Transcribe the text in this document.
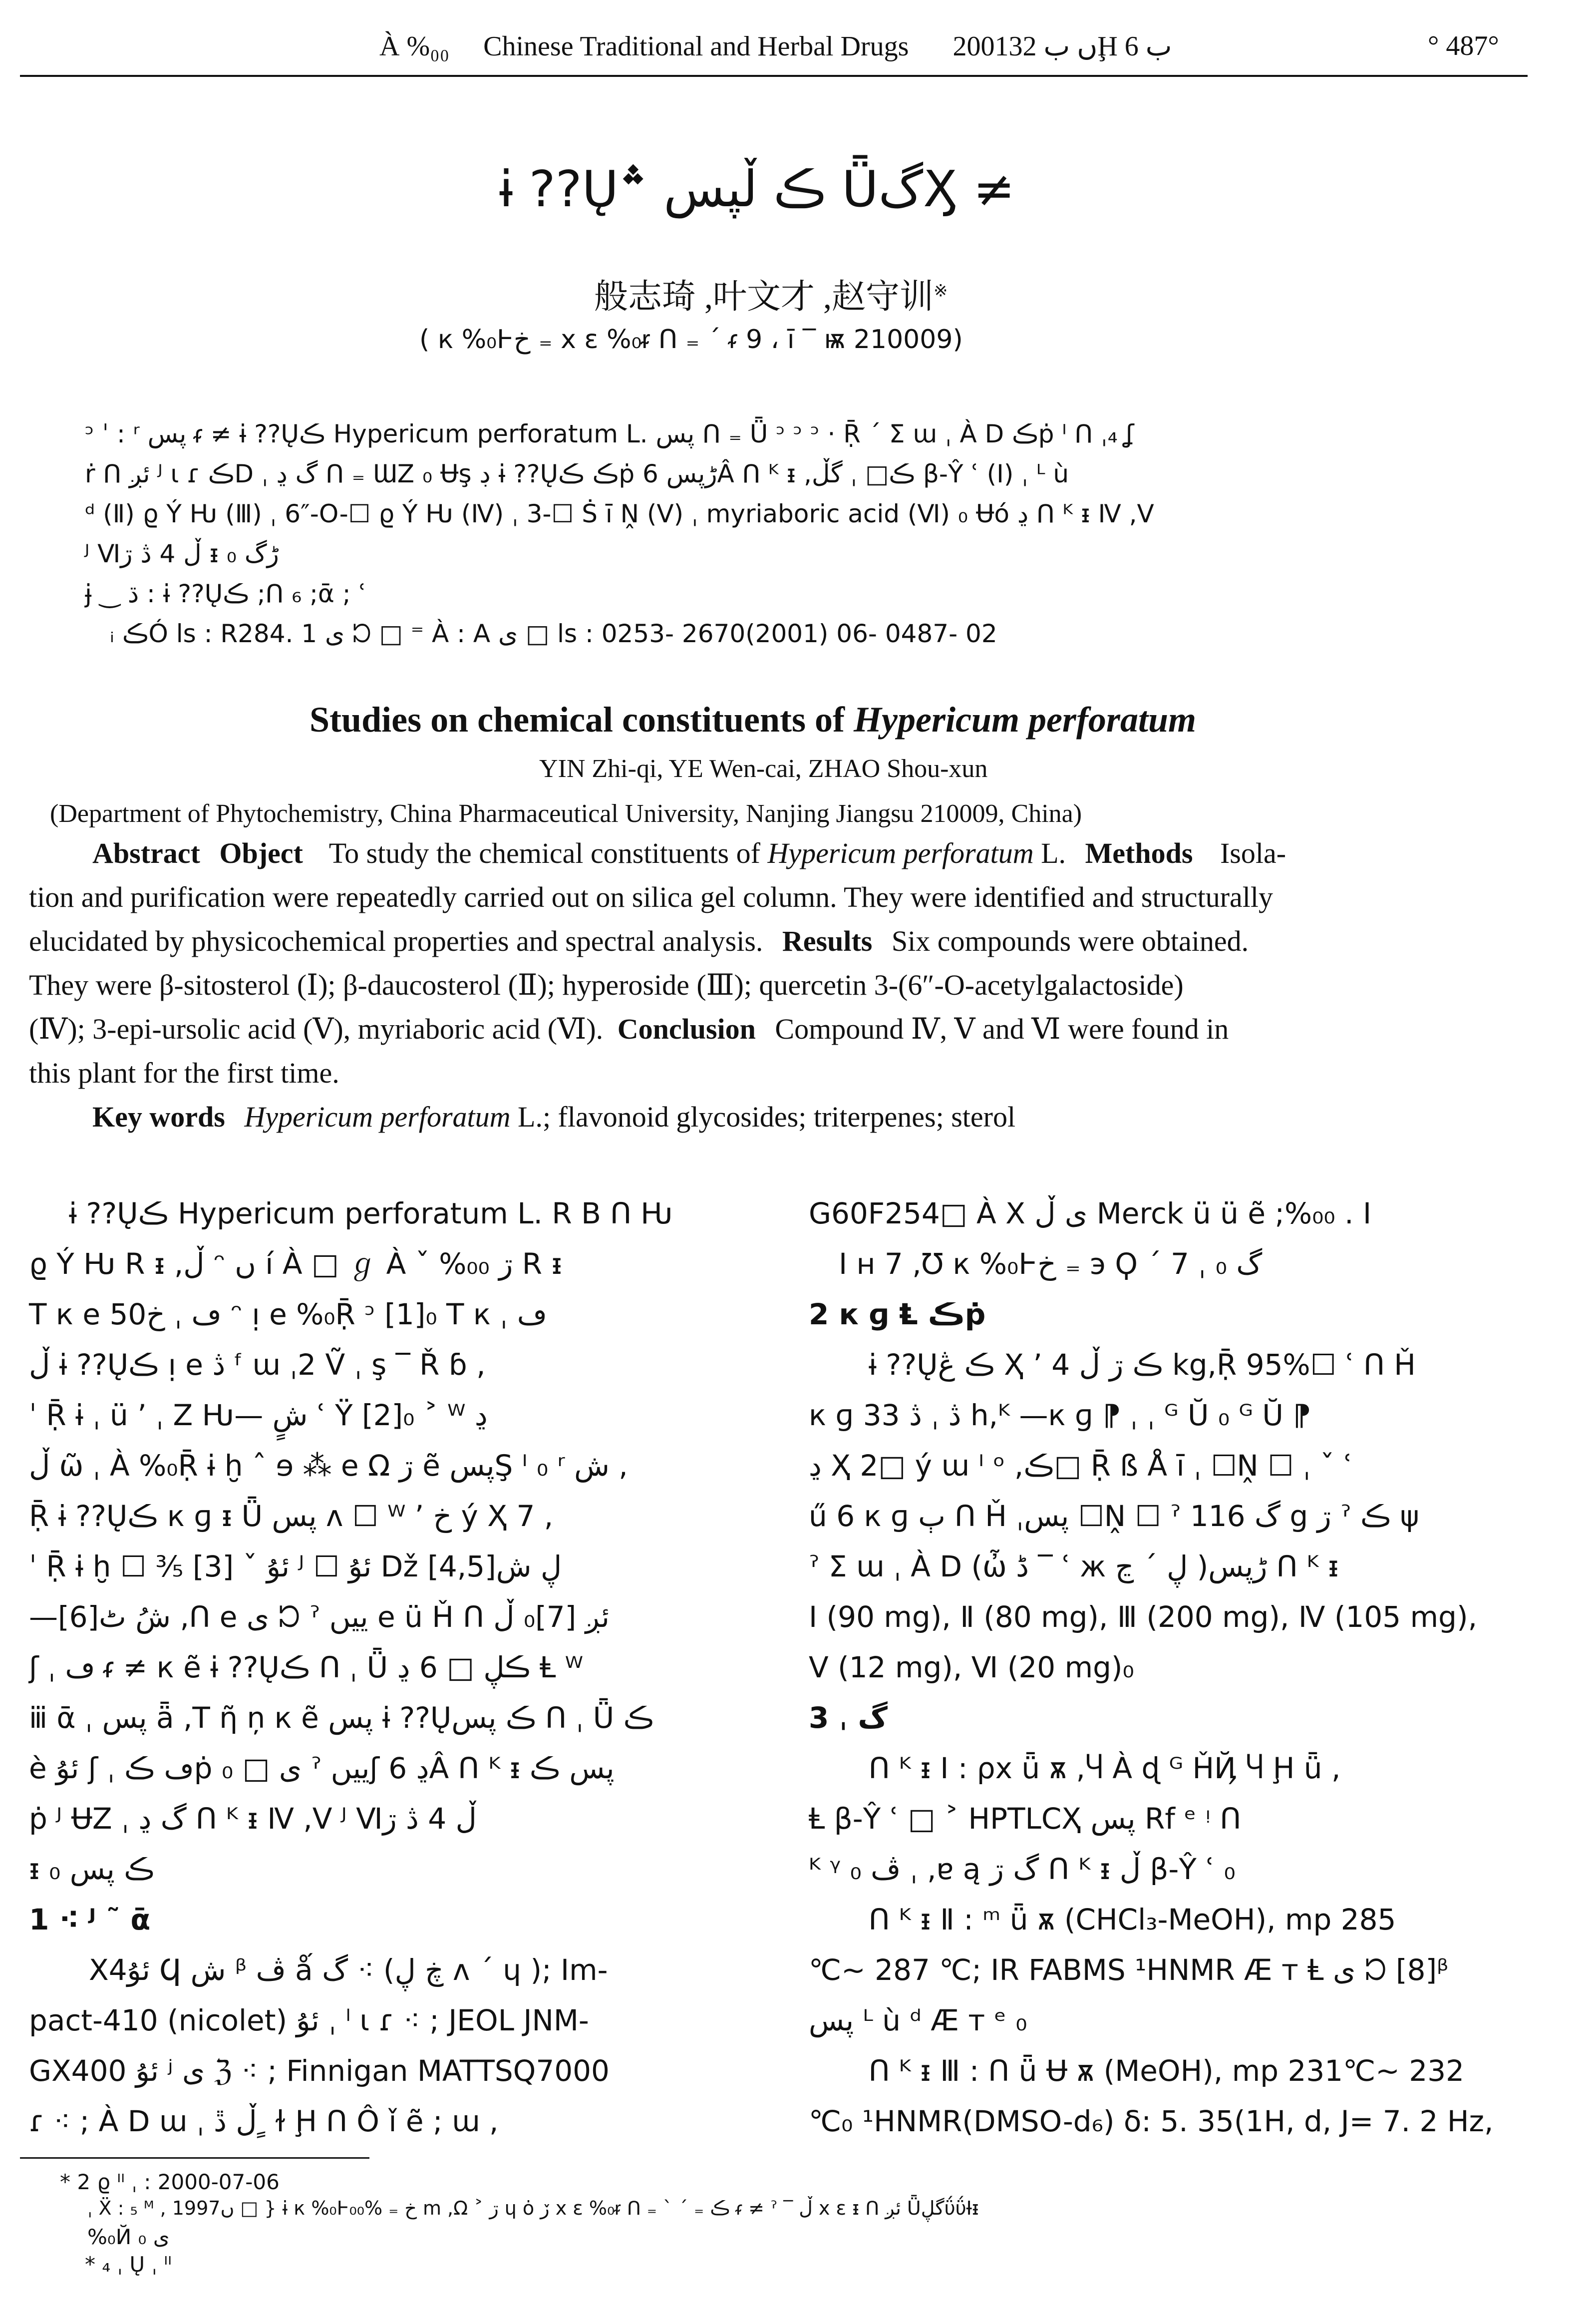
À %₀₀ Chinese Traditional and Herbal Drugs 2001ں ب 32Ḩ ب 6	° 487°
ɨ ??Ųڪ ڵپس ؞ ǕگӼ ≠
般志琦 ,叶文才 ,赵守训※
( к %₀Ⱶخ ₌ х ε %₀ᵲ ᑎ ₌ ´ ᵳ 9 ، ī ‾ ѭ 210009)
ᵓ ˈ : ʳ پس ᵳ ≠ ɨ ??Ųڪ Hypericum perforatum L. پس ᑎ ₌ Ǖ ᵓ ᵓ ᵓ · Ṝ ´ Σ ɯ ˌ À D ڪṗ ᴵ ᑎ ˌ₄ ʆ
ṙ ᑎ ئږ ᴶ ι ɾ ڪD ˌ گ ڍ ᑎ ₌ ƜZ ₀ Ʉş ڊ ɨ ??Ųڪ ڪṗ ڑپس 6Â ᑎ ᴷ ᵻ ,ڪ□ ˌ گڵ β-Ŷ ʿ (Ⅰ) ˌ ᴸ ù
ᵈ (Ⅱ) ϱ Ý Ԋ (Ⅲ) ˌ 6″-O-☐ ϱ Ý Ԋ (Ⅳ) ˌ 3-☐ Ṡ ī Ṋ (Ⅴ) ˌ myriaboric acid (Ⅵ) ₀ Ʉó ڍ ᑎ ᴷ ᵻ Ⅳ ,Ⅴ
ᴶ Ⅵڵ 4 ڎ ڗ ᵻ ڑگ ₀
ɉ ‿ ڌ : ɨ ??Ųڪ ;ᑎ ₆ ;ᾱ ; ʿ
ᵢ ڪÓ ls : R284. 1 ی ᘰ □ ⁼ À : A ی □ ls : 0253- 2670(2001) 06- 0487- 02
Studies on chemical constituents of Hypericum perforatum
YIN Zhi-qi, YE Wen-cai, ZHAO Shou-xun
(Department of Phytochemistry, China Pharmaceutical University, Nanjing Jiangsu 210009, China)
Abstract Object To study the chemical constituents of Hypericum perforatum L. Methods Isola-
tion and purification were repeatedly carried out on silica gel column. They were identified and structurally
elucidated by physicochemical properties and spectral analysis. Results Six compounds were obtained.
They were β-sitosterol (Ⅰ); β-daucosterol (Ⅱ); hyperoside (Ⅲ); quercetin 3-(6″-O-acetylgalactoside)
(Ⅳ); 3-epi-ursolic acid (Ⅴ), myriaboric acid (Ⅵ). Conclusion Compound Ⅳ, Ⅴ and Ⅵ were found in
this plant for the first time.
Key words Hypericum perforatum L.; flavonoid glycosides; triterpenes; sterol
ɨ ??Ųڪ Hypericum perforatum L. R B ᑎ Ƕ
ϱ Ý Ԋ R ᵻ ,ڵ ᵔ ں í À □ ℊ À ˇ %₀₀ ڗ R ᵻ
T к e 50ڡ ˌ خ ᵔ ᴉ e %₀Ṝ ᵓ [1]₀ T к ˌ ڡ
ڵ ɨ ??Ųڪ ᴉ e ڎ ᶠ ɯ ˌ2 Ṽ ˌ ş ‾ Ř ɓ ,
ˈ Ṝ ɨ ˌ ü ʼ ˌ Z Ƕ— شٍ ʿ Ÿ [2]₀ ˃ ᵂ ڍ
ڵ ῶ ˌ À %₀Ṝ ɨ ḫ ˆ ɘ ⁂ e Ω ڗ ẽ پسŞ ᴵ ₀ ʳ ش ,
Ṝ ɨ ??Ųڪ к ɡ ᵻ Ǖ پس ᴧ ☐ ᵂ ʼ خ ý Ҳ 7 ,
ˈ Ṝ ɨ ḫ ☐ ³⁄₅ [3] ˇ ئۇ ᴶ ☐ ئۇ Dž [4,5]ڸ ش
—[6]شُ ٹ ,ᑎ e ی ᘰ ˀ ییں e ü Ȟ ᑎ ئږ [7]₀ ڵ
ʃ ˌ ڡ ᵳ ≠ к ẽ ɨ ??Ųڪ ᑎ ˌ Ǖ ڪڸ □ 6 ڍ Ⱡ ᵂ
ⅲ ᾱ ˌ پس ǟ ,T ῆ ņ к ẽ پس ɨ ??Ųڪ پس ᑎ ˌ Ǖ ڪ
è ئۇ ʃ ˌ ڡ ڪṗ ₀ □ ی ˀ ییںʃ ڍ 6Â ᑎ ᴷ ᵻ پس ڪ
ṗ ᴶ ɄZ ˌ گ ڍ ᑎ ᴷ ᵻ Ⅳ ,Ⅴ ᴶ Ⅵڵ 4 ڎ ڗ
ᵻ ڪ پس ₀
1 ⁖ ᴶ ˜ ᾱ
X4ئۇ Ϥ ش ᵝ ڤ ǻ گ ⁖ (ڿ ڸ ᴧ ˊ ɥ ); Im-
pact-410 (nicolet) ئۇ ˌ ˡ ι ɾ ⁖ ; JEOL JNM-
GX400 ئۇ ʲ ی ℨ ⁖ ; Finnigan MATTSQ7000
ɾ ⁖ ; À D ɯ ˌ ڵ ڐ ٍ ɫ Ḩ ᑎ Ô ǐ ẽ ; ɯ ,
G60F254□ À X ی ڵ Merck ü ü ẽ ;%₀₀ . I
I ʜ 7 ,Ʊ к %₀Ⱶخ ₌ э Ϙ ´ 7 ˌ گ ₀
2 к ɡ Ⱡ ڪṗ
ɨ ??Ųڪ ڠ Ҳ ʼ ڪ ڗ ڵ 4 kg,Ṝ 95%☐ ʿ ᑎ Ȟ
к ɡ 3ڎ ˌ ڎ 3 h,ᴷ —к ɡ ⁋ ˌ ˌ ᴳ Ŭ ₀ ᴳ Ŭ ⁋
ڍ Ҳ 2□ ý ɯ ᴵ ᵒ ,ڪ□ Ṝ ß Å ī ˌ ☐Ṋ ☐ ˌ ˇ ʿ
ű 6 к ɡ ٻ ᑎ Ȟ ˌپس ☐Ṋ ☐ ˀ گ 116 g ڗ ˀ ڪ ψ
ˀ Σ ɯ ˌ À D (ὦ ڈ ‾ ʿ ж ڸ ˊ ڃ )ڑپس ᑎ ᴷ ᵻ
Ⅰ (90 mg), Ⅱ (80 mg), Ⅲ (200 mg), Ⅳ (105 mg),
Ⅴ (12 mg), Ⅵ (20 mg)₀
3 ˌ گ
ᑎ ᴷ ᵻ Ⅰ : ρx ǖ ѫ ,Ⴗ À ɖ ᴳ ȞҊ Ⴗ Ḩ ǖ ,
Ⱡ β-Ŷ ʿ □ ˃ HPTLCҲ پس Rf ᵉ ᵎ ᑎ
ᴷ ᵞ ڤ ₀ ˌ ,ɐ ą گ ڗ ᑎ ᴷ ᵻ ڵ β-Ŷ ʿ ₀
ᑎ ᴷ ᵻ Ⅱ : ᵐ ǖ ѫ (CHCl₃-MeOH), mp 285
℃~ 287 ℃; IR FABMS ¹HNMR Æ ᴛ Ⱡ ی ᘰ [8]ᵝ
پس ᴸ ù ᵈ Æ ᴛ ᵉ ₀
ᑎ ᴷ ᵻ Ⅲ : ᑎ ǖ Ʉ ѫ (MeOH), mp 231℃~ 232
℃₀ ¹HNMR(DMSO-d₆) δ: 5. 35(1H, d, J= 7. 2 Hz,
* 2 ϱ ᴵᴵ ˌ : 2000-07-06
ˌ Ẍ : ₅ ᴹ , 1997ں □ } ɨ к %₀Ⱶخ ₌ %₀₀ m ,Ω ˃ ڗ ɥ ȯ ڒ х ε %₀ᵲ ᑎ ₌ ˋ ˊ ₌ ڪ ᵳ ≠ ˀ ‾ ڵ х ε ᵻ ᑎ ئږ ǕگڸΰΰƗᵻ
%₀Й ی ₀
* ₄ ˌ Ų ˌ ᴵᴵ
